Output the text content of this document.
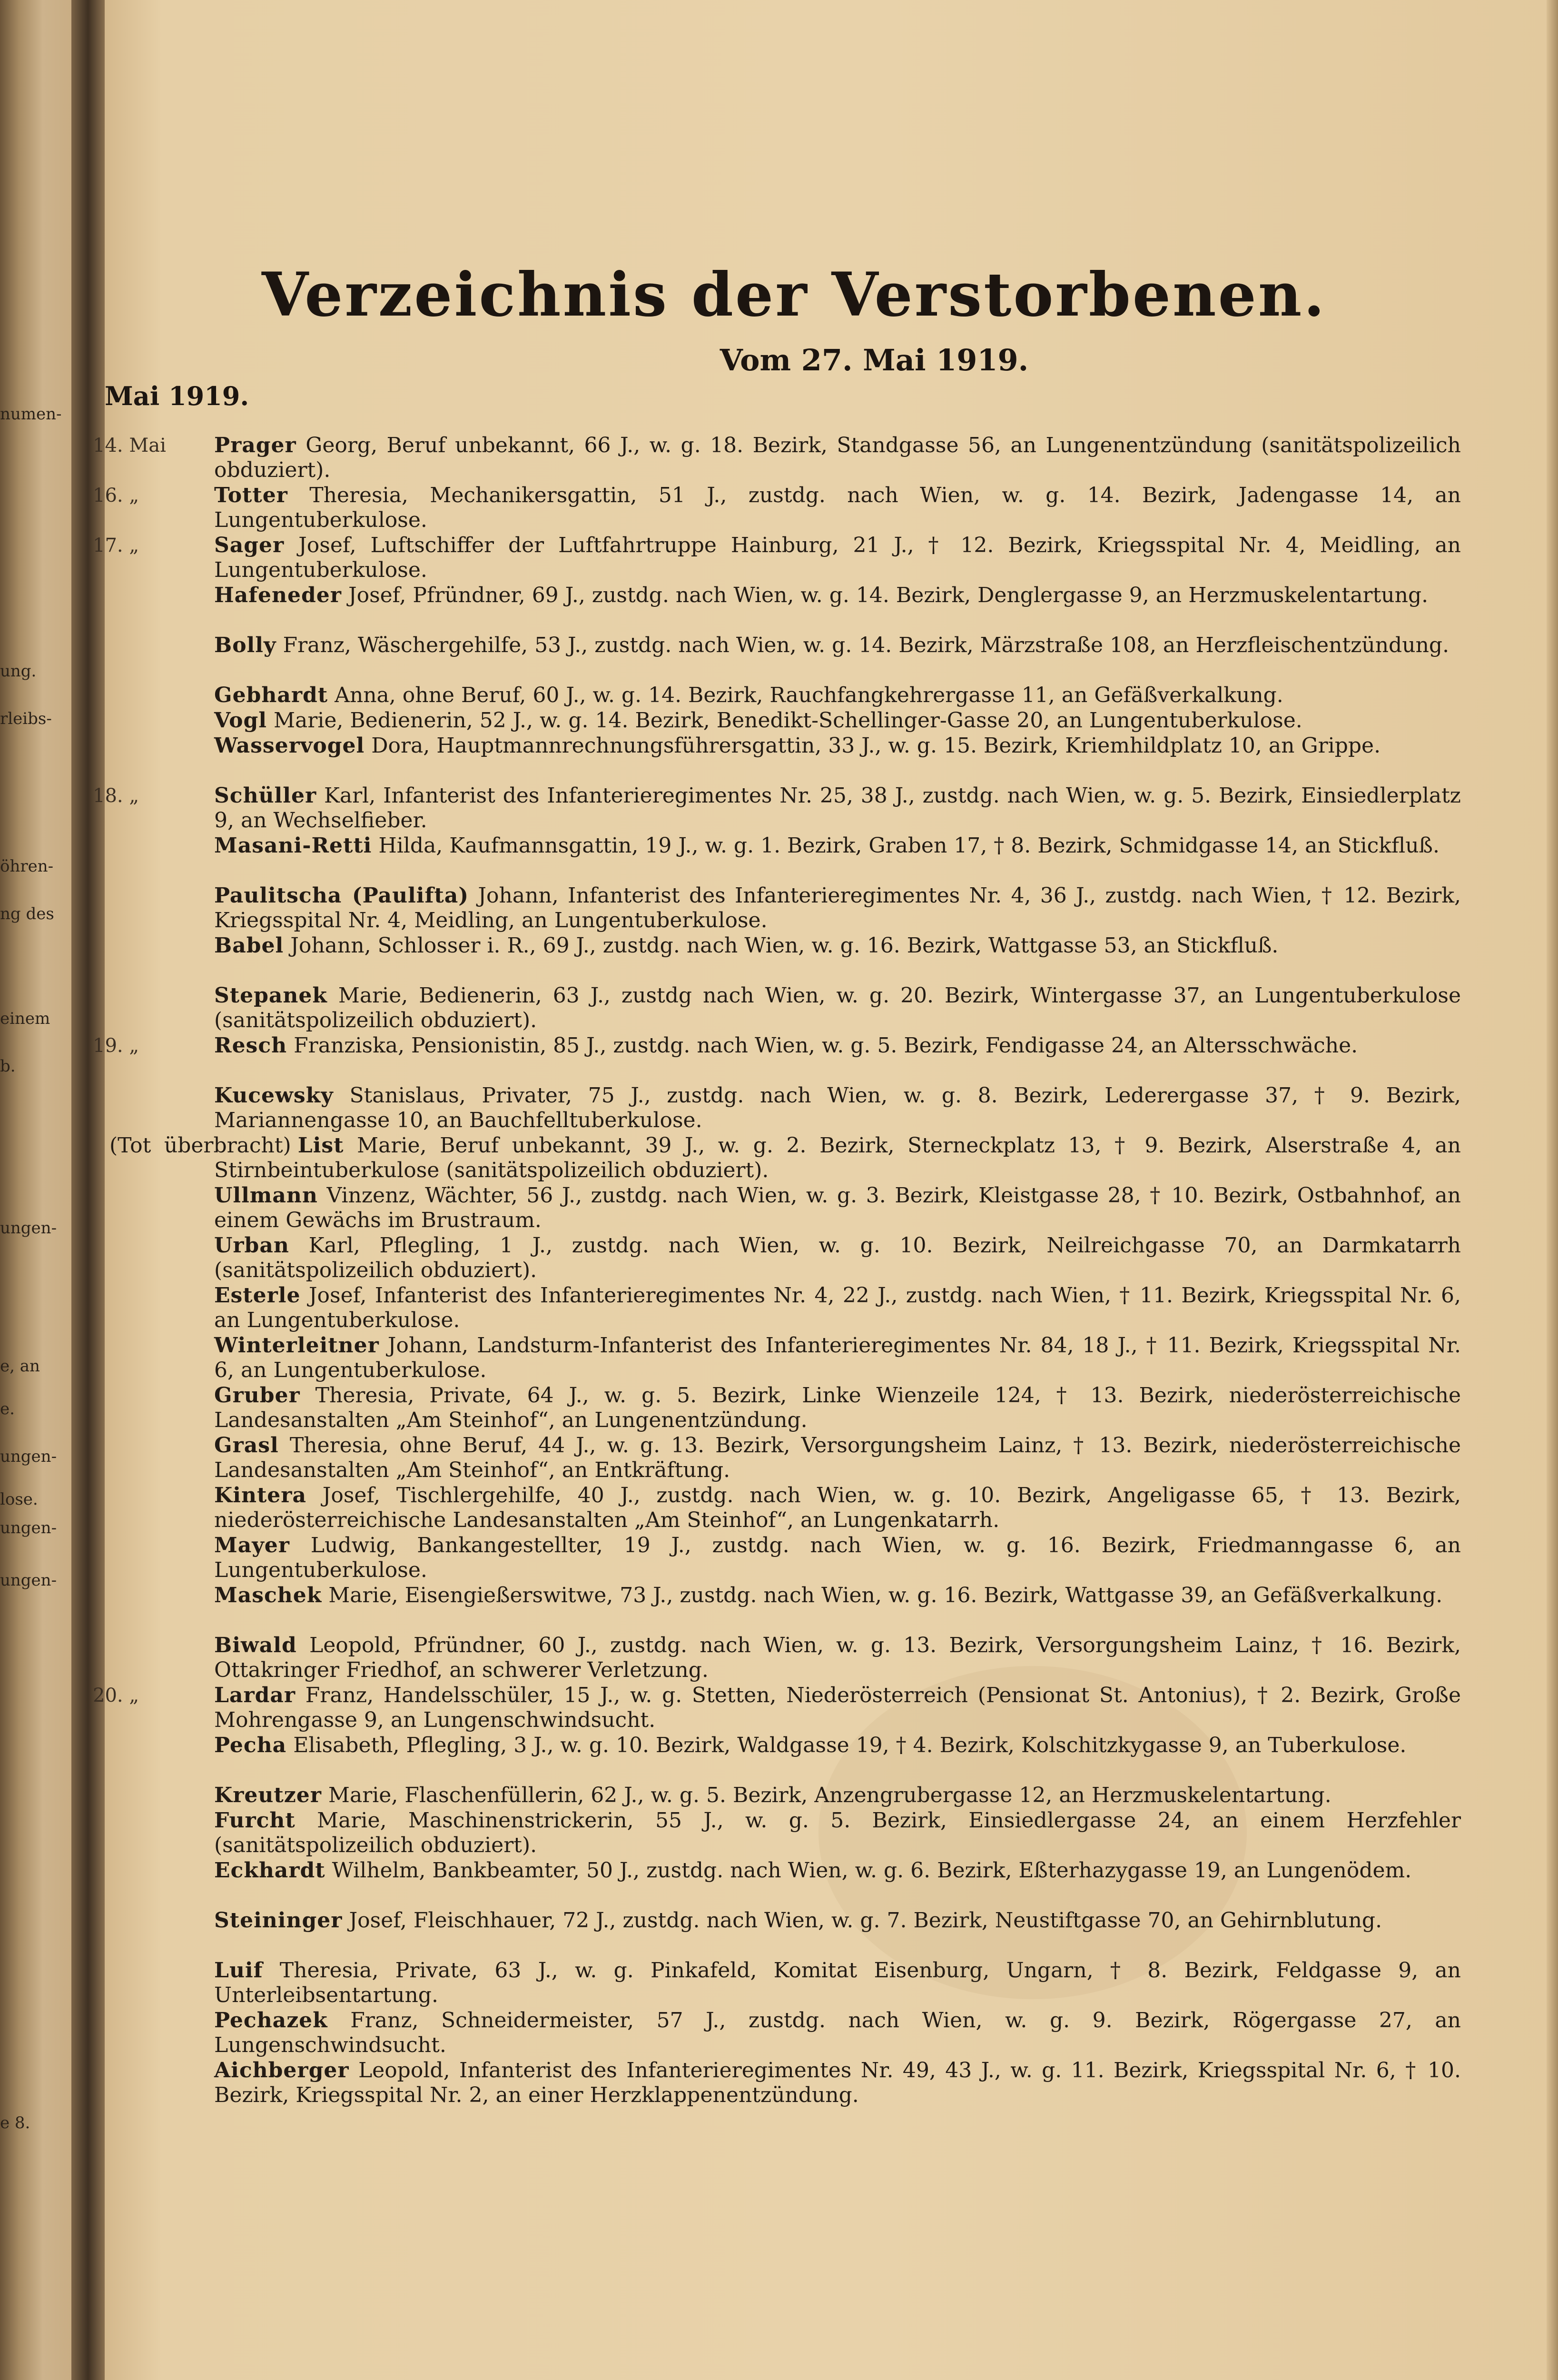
numen-
ung.
rleibs-
öhren-
ng des
einem
b.
ungen-
e, an
e.
ungen-
lose.
ungen-
ungen-
e 8.
Verzeichnis der Verstorbenen.
Vom 27. Mai 1919.
Mai 1919.
14. Mai	Prager Georg, Beruf unbekannt, 66 J., w. g. 18. Bezirk, Standgasse 56, an Lungenentzündung (sanitätspolizeilich obduziert).
16. „	Totter Theresia, Mechanikersgattin, 51 J., zustdg. nach Wien, w. g. 14. Bezirk, Jadengasse 14, an Lungentuberkulose.
17. „	Sager Josef, Luftschiffer der Luftfahrtruppe Hainburg, 21 J., † 12. Bezirk, Kriegsspital Nr. 4, Meidling, an Lungentuberkulose.
Hafeneder Josef, Pfründner, 69 J., zustdg. nach Wien, w. g. 14. Bezirk, Denglergasse 9, an Herzmuskelentartung.
Bolly Franz, Wäschergehilfe, 53 J., zustdg. nach Wien, w. g. 14. Bezirk, Märzstraße 108, an Herzfleischentzündung.
Gebhardt Anna, ohne Beruf, 60 J., w. g. 14. Bezirk, Rauchfangkehrergasse 11, an Gefäßverkalkung.
Vogl Marie, Bedienerin, 52 J., w. g. 14. Bezirk, Benedikt-Schellinger-Gasse 20, an Lungentuberkulose.
Wasservogel Dora, Hauptmannrechnungsführersgattin, 33 J., w. g. 15. Bezirk, Kriemhildplatz 10, an Grippe.
18. „	Schüller Karl, Infanterist des Infanterieregimentes Nr. 25, 38 J., zustdg. nach Wien, w. g. 5. Bezirk, Einsiedlerplatz 9, an Wechselfieber.
Masani-Retti Hilda, Kaufmannsgattin, 19 J., w. g. 1. Bezirk, Graben 17, † 8. Bezirk, Schmidgasse 14, an Stickfluß.
Paulitscha (Paulifta) Johann, Infanterist des Infanterieregimentes Nr. 4, 36 J., zustdg. nach Wien, † 12. Bezirk, Kriegsspital Nr. 4, Meidling, an Lungentuberkulose.
Babel Johann, Schlosser i. R., 69 J., zustdg. nach Wien, w. g. 16. Bezirk, Wattgasse 53, an Stickfluß.
Stepanek Marie, Bedienerin, 63 J., zustdg nach Wien, w. g. 20. Bezirk, Wintergasse 37, an Lungentuberkulose (sanitätspolizeilich obduziert).
19. „	Resch Franziska, Pensionistin, 85 J., zustdg. nach Wien, w. g. 5. Bezirk, Fendigasse 24, an Altersschwäche.
Kucewsky Stanislaus, Privater, 75 J., zustdg. nach Wien, w. g. 8. Bezirk, Lederergasse 37, † 9. Bezirk, Mariannengasse 10, an Bauchfelltuberkulose.
(Tot überbracht) List Marie, Beruf unbekannt, 39 J., w. g. 2. Bezirk, Sterneckplatz 13, † 9. Bezirk, Alserstraße 4, an Stirnbeintuberkulose (sanitätspolizeilich obduziert).
Ullmann Vinzenz, Wächter, 56 J., zustdg. nach Wien, w. g. 3. Bezirk, Kleistgasse 28, † 10. Bezirk, Ostbahnhof, an einem Gewächs im Brustraum.
Urban Karl, Pflegling, 1 J., zustdg. nach Wien, w. g. 10. Bezirk, Neilreichgasse 70, an Darmkatarrh (sanitätspolizeilich obduziert).
Esterle Josef, Infanterist des Infanterieregimentes Nr. 4, 22 J., zustdg. nach Wien, † 11. Bezirk, Kriegsspital Nr. 6, an Lungentuberkulose.
Winterleitner Johann, Landsturm-Infanterist des Infanterieregimentes Nr. 84, 18 J., † 11. Bezirk, Kriegsspital Nr. 6, an Lungentuberkulose.
Gruber Theresia, Private, 64 J., w. g. 5. Bezirk, Linke Wienzeile 124, † 13. Bezirk, niederösterreichische Landesanstalten „Am Steinhof“, an Lungenentzündung.
Grasl Theresia, ohne Beruf, 44 J., w. g. 13. Bezirk, Versorgungsheim Lainz, † 13. Bezirk, niederösterreichische Landesanstalten „Am Steinhof“, an Entkräftung.
Kintera Josef, Tischlergehilfe, 40 J., zustdg. nach Wien, w. g. 10. Bezirk, Angeligasse 65, † 13. Bezirk, niederösterreichische Landesanstalten „Am Steinhof“, an Lungenkatarrh.
Mayer Ludwig, Bankangestellter, 19 J., zustdg. nach Wien, w. g. 16. Bezirk, Friedmanngasse 6, an Lungentuberkulose.
Maschek Marie, Eisengießerswitwe, 73 J., zustdg. nach Wien, w. g. 16. Bezirk, Wattgasse 39, an Gefäßverkalkung.
Biwald Leopold, Pfründner, 60 J., zustdg. nach Wien, w. g. 13. Bezirk, Versorgungsheim Lainz, † 16. Bezirk, Ottakringer Friedhof, an schwerer Verletzung.
20. „	Lardar Franz, Handelsschüler, 15 J., w. g. Stetten, Niederösterreich (Pensionat St. Antonius), † 2. Bezirk, Große Mohrengasse 9, an Lungenschwindsucht.
Pecha Elisabeth, Pflegling, 3 J., w. g. 10. Bezirk, Waldgasse 19, † 4. Bezirk, Kolschitzkygasse 9, an Tuberkulose.
Kreutzer Marie, Flaschenfüllerin, 62 J., w. g. 5. Bezirk, Anzengrubergasse 12, an Herzmuskelentartung.
Furcht Marie, Maschinenstrickerin, 55 J., w. g. 5. Bezirk, Einsiedlergasse 24, an einem Herzfehler (sanitätspolizeilich obduziert).
Eckhardt Wilhelm, Bankbeamter, 50 J., zustdg. nach Wien, w. g. 6. Bezirk, Eßterhazygasse 19, an Lungenödem.
Steininger Josef, Fleischhauer, 72 J., zustdg. nach Wien, w. g. 7. Bezirk, Neustiftgasse 70, an Gehirnblutung.
Luif Theresia, Private, 63 J., w. g. Pinkafeld, Komitat Eisenburg, Ungarn, † 8. Bezirk, Feldgasse 9, an Unterleibsentartung.
Pechazek Franz, Schneidermeister, 57 J., zustdg. nach Wien, w. g. 9. Bezirk, Rögergasse 27, an Lungenschwindsucht.
Aichberger Leopold, Infanterist des Infanterieregimentes Nr. 49, 43 J., w. g. 11. Bezirk, Kriegsspital Nr. 6, † 10. Bezirk, Kriegsspital Nr. 2, an einer Herzklappenentzündung.
